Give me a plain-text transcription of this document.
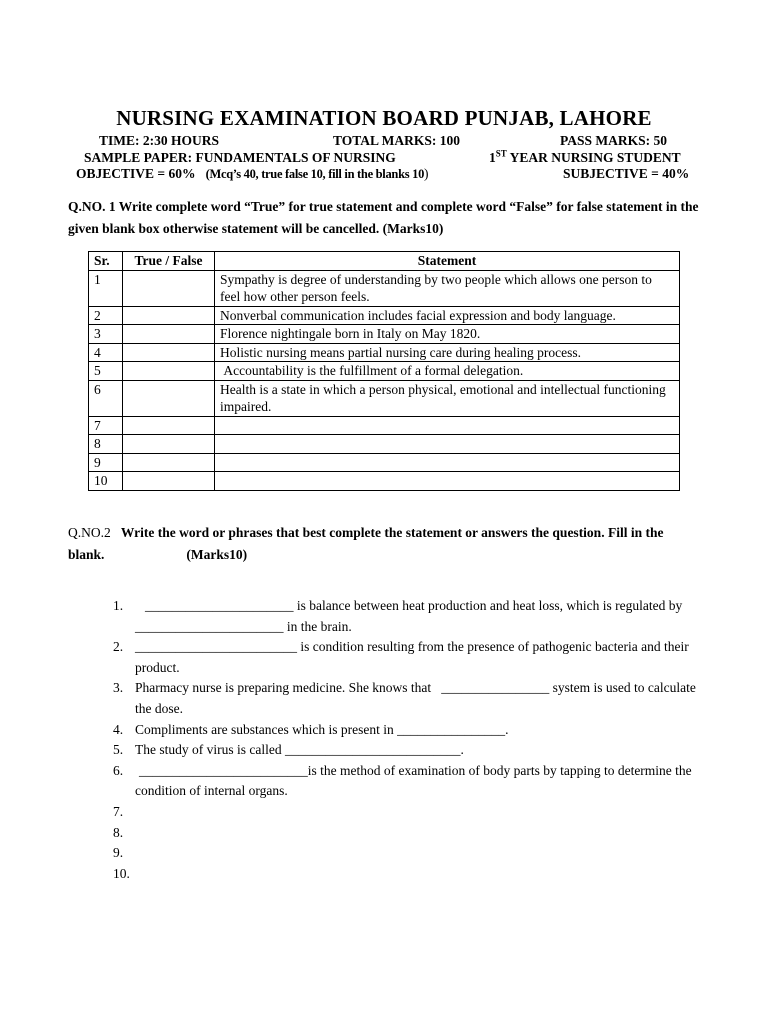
NURSING EXAMINATION BOARD PUNJAB, LAHORE
TIME: 2:30 HOURS	TOTAL MARKS: 100	PASS MARKS: 50
SAMPLE PAPER: FUNDAMENTALS OF NURSING	1ST YEAR NURSING STUDENT
OBJECTIVE = 60% (Mcq’s 40, true false 10, fill in the blanks 10)	SUBJECTIVE = 40%
Q.NO. 1 Write complete word “True” for true statement and complete word “False” for false statement in the given blank box otherwise statement will be cancelled. (Marks10)
Sr.	True / False	Statement
1		Sympathy is degree of understanding by two people which allows one person to feel how other person feels.
2		Nonverbal communication includes facial expression and body language.
3		Florence nightingale born in Italy on May 1820.
4		Holistic nursing means partial nursing care during healing process.
5		Accountability is the fulfillment of a formal delegation.
6		Health is a state in which a person physical, emotional and intellectual functioning impaired.
7		
8		
9		
10		
Q.NO.2 Write the word or phrases that best complete the statement or answers the question. Fill in the blank.	(Marks10)
1.	______________________ is balance between heat production and heat loss, which is regulated by ______________________ in the brain.
2. ________________________ is condition resulting from the presence of pathogenic bacteria and their product.
3. Pharmacy nurse is preparing medicine. She knows that   ________________ system is used to calculate the dose.
4. Compliments are substances which is present in ________________.
5. The study of virus is called __________________________.
6.	_________________________is the method of examination of body parts by tapping to determine the condition of internal organs.
7.
8.
9.
10.
